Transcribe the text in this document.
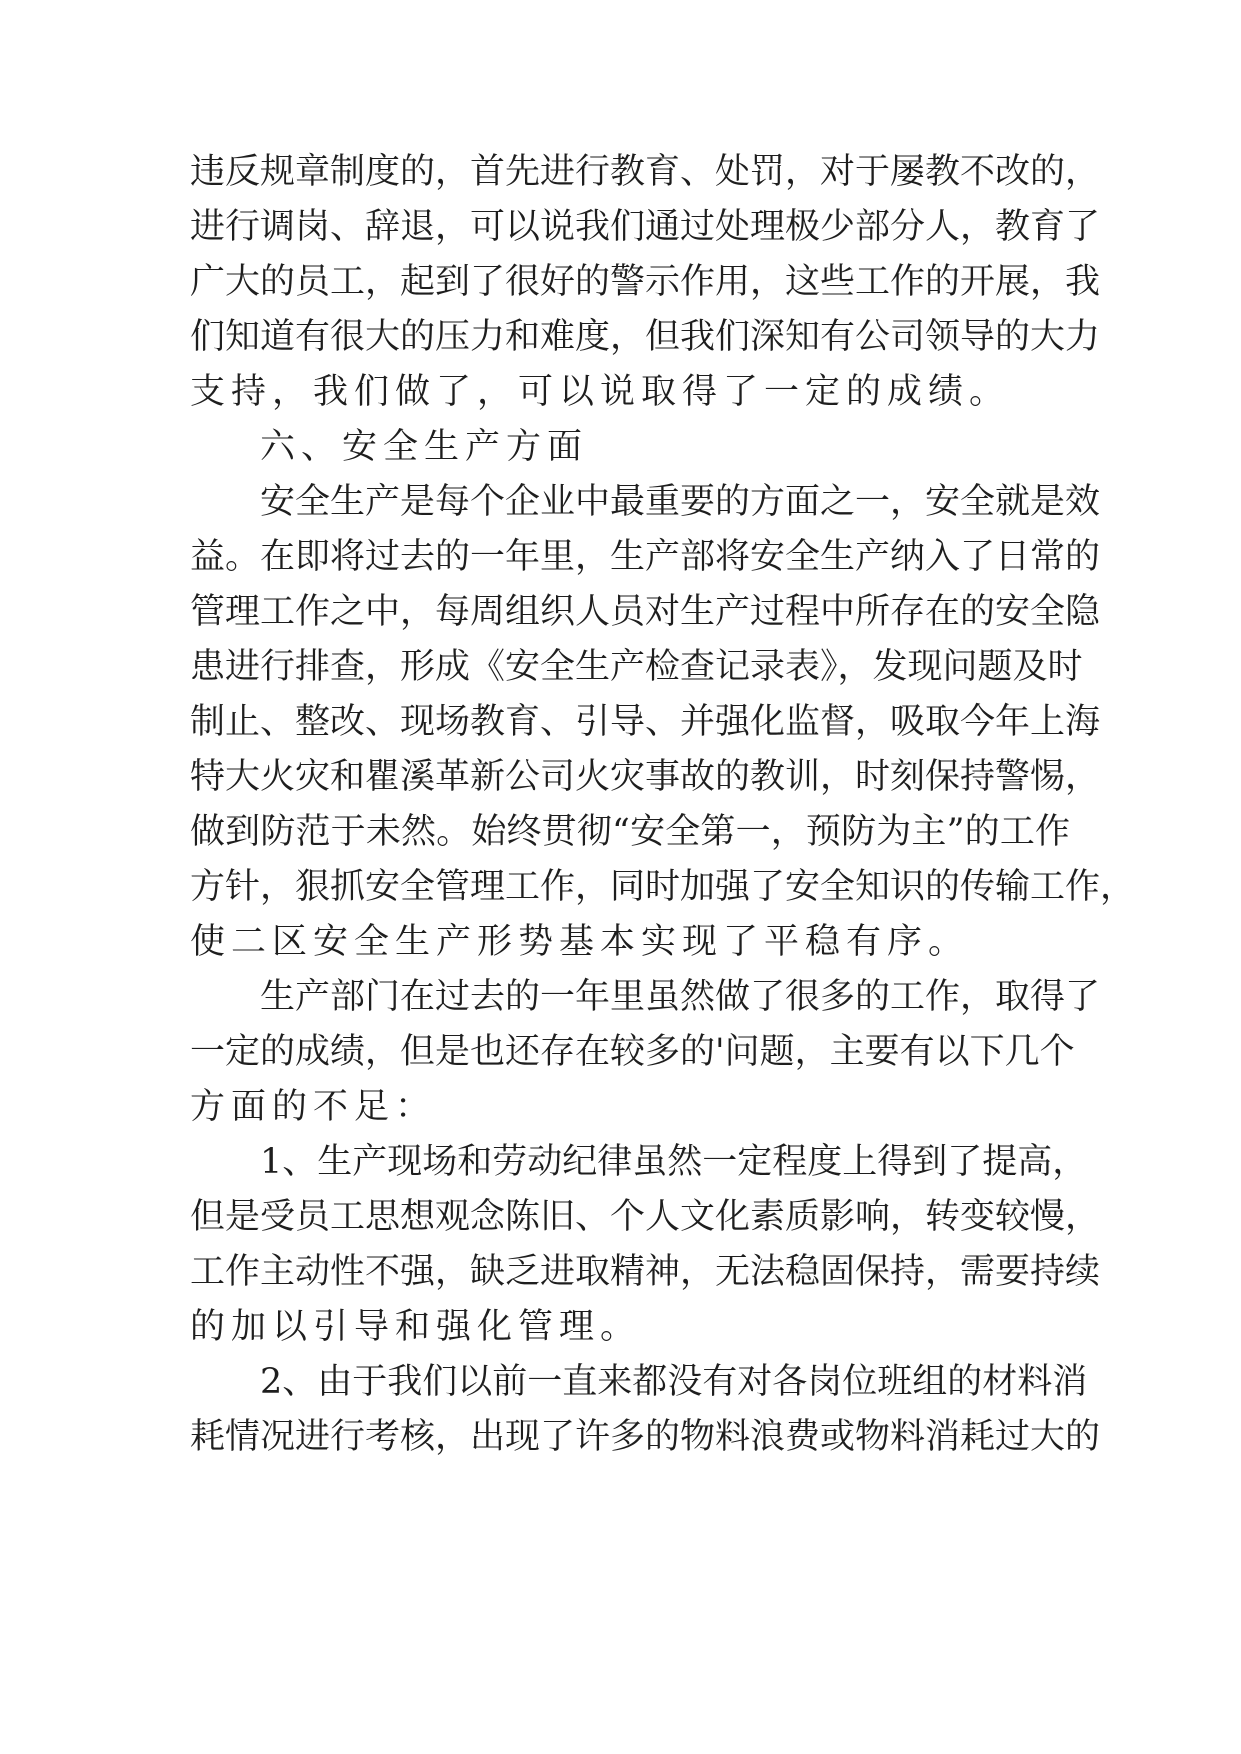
违反规章制度的，首先进行教育、处罚，对于屡教不改的，
进行调岗、辞退，可以说我们通过处理极少部分人，教育了
广大的员工，起到了很好的警示作用，这些工作的开展，我
们知道有很大的压力和难度，但我们深知有公司领导的大力
支持，我们做了，可以说取得了一定的成绩。
六、安全生产方面
安全生产是每个企业中最重要的方面之一，安全就是效
益。在即将过去的一年里，生产部将安全生产纳入了日常的
管理工作之中，每周组织人员对生产过程中所存在的安全隐
患进行排查，形成《安全生产检查记录表》，发现问题及时
制止、整改、现场教育、引导、并强化监督，吸取今年上海
特大火灾和瞿溪革新公司火灾事故的教训，时刻保持警惕，
做到防范于未然。始终贯彻“安全第一，预防为主”的工作
方针，狠抓安全管理工作，同时加强了安全知识的传输工作，
使二区安全生产形势基本实现了平稳有序。
生产部门在过去的一年里虽然做了很多的工作，取得了
一定的成绩，但是也还存在较多的'问题，主要有以下几个
方面的不足：
1、生产现场和劳动纪律虽然一定程度上得到了提高，
但是受员工思想观念陈旧、个人文化素质影响，转变较慢，
工作主动性不强，缺乏进取精神，无法稳固保持，需要持续
的加以引导和强化管理。
2、由于我们以前一直来都没有对各岗位班组的材料消
耗情况进行考核，出现了许多的物料浪费或物料消耗过大的
